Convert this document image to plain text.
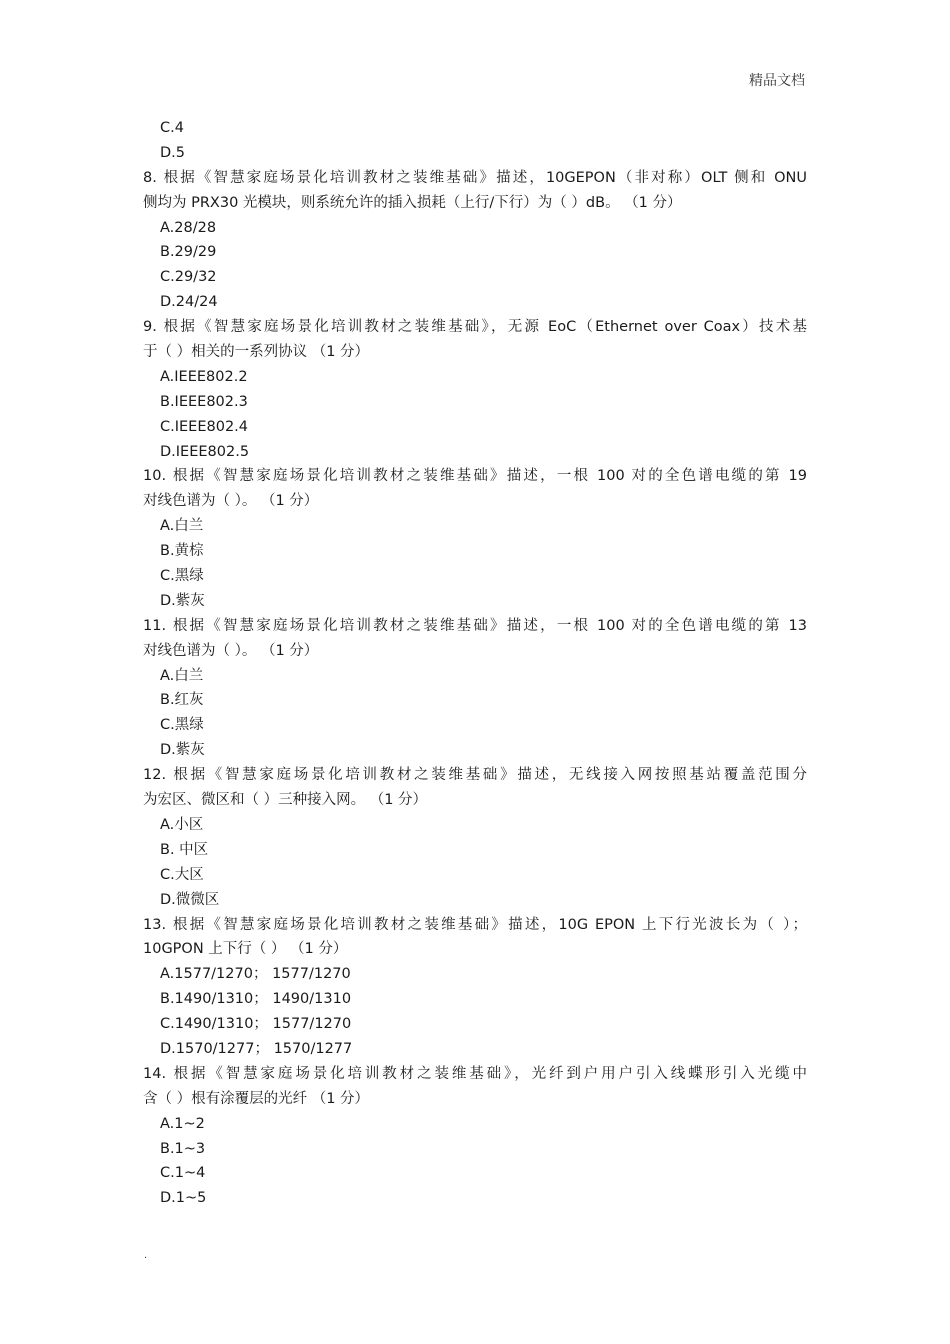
精品文档
C.4
D.5
8. 根据《智慧家庭场景化培训教材之装维基础》描述，10GEPON（非对称）OLT 侧和 ONU
侧均为 PRX30 光模块，则系统允许的插入损耗（上行/下行）为（ ）dB。 （1 分）
A.28/28
B.29/29
C.29/32
D.24/24
9. 根据《智慧家庭场景化培训教材之装维基础》，无源 EoC（Ethernet over Coax）技术基
于（ ）相关的一系列协议 （1 分）
A.IEEE802.2
B.IEEE802.3
C.IEEE802.4
D.IEEE802.5
10. 根据《智慧家庭场景化培训教材之装维基础》描述，一根 100 对的全色谱电缆的第 19
对线色谱为（ ）。 （1 分）
A.白兰
B.黄棕
C.黑绿
D.紫灰
11. 根据《智慧家庭场景化培训教材之装维基础》描述，一根 100 对的全色谱电缆的第 13
对线色谱为（ ）。 （1 分）
A.白兰
B.红灰
C.黑绿
D.紫灰
12. 根据《智慧家庭场景化培训教材之装维基础》描述，无线接入网按照基站覆盖范围分
为宏区、微区和（ ）三种接入网。 （1 分）
A.小区
B. 中区
C.大区
D.微微区
13. 根据《智慧家庭场景化培训教材之装维基础》描述，10G EPON 上下行光波长为（ ）；
10GPON 上下行（ ） （1 分）
A.1577/1270； 1577/1270
B.1490/1310； 1490/1310
C.1490/1310； 1577/1270
D.1570/1277； 1570/1277
14. 根据《智慧家庭场景化培训教材之装维基础》，光纤到户用户引入线蝶形引入光缆中
含（ ）根有涂覆层的光纤 （1 分）
A.1~2
B.1~3
C.1~4
D.1~5
.
